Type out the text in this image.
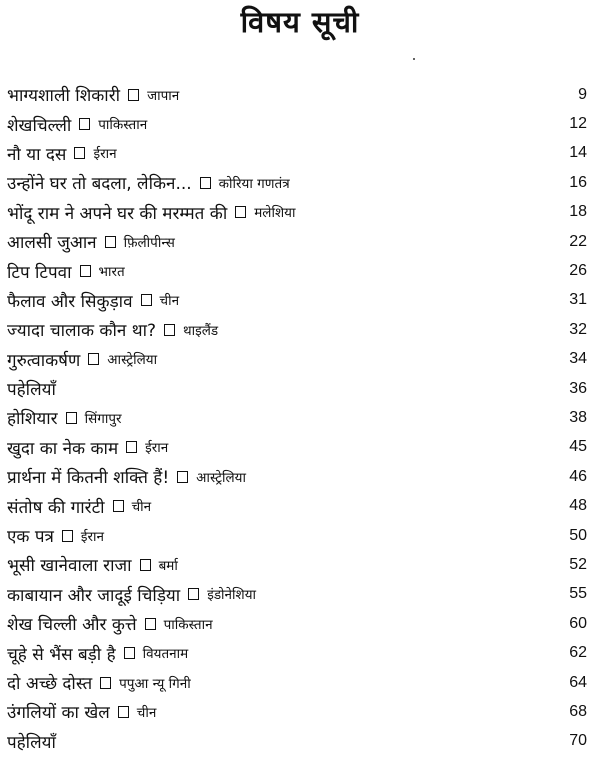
विषय सूची
भाग्यशाली शिकारी जापान	9
शेखचिल्ली पाकिस्तान	12
नौ या दस ईरान	14
उन्होंने घर तो बदला, लेकिन... कोरिया गणतंत्र	16
भोंदू राम ने अपने घर की मरम्मत की मलेशिया	18
आलसी जुआन फ़िलीपीन्स	22
टिप टिपवा भारत	26
फैलाव और सिकुड़ाव चीन	31
ज्यादा चालाक कौन था? थाइलैंड	32
गुरुत्वाकर्षण आस्ट्रेलिया	34
पहेलियाँ	36
होशियार सिंगापुर	38
खुदा का नेक काम ईरान	45
प्रार्थना में कितनी शक्ति हैं! आस्ट्रेलिया	46
संतोष की गारंटी चीन	48
एक पत्र ईरान	50
भूसी खानेवाला राजा बर्मा	52
काबायान और जादूई चिड़िया इंडोनेशिया	55
शेख चिल्ली और कुत्ते पाकिस्तान	60
चूहे से भैंस बड़ी है वियतनाम	62
दो अच्छे दोस्त पपुआ न्यू गिनी	64
उंगलियों का खेल चीन	68
पहेलियाँ	70
